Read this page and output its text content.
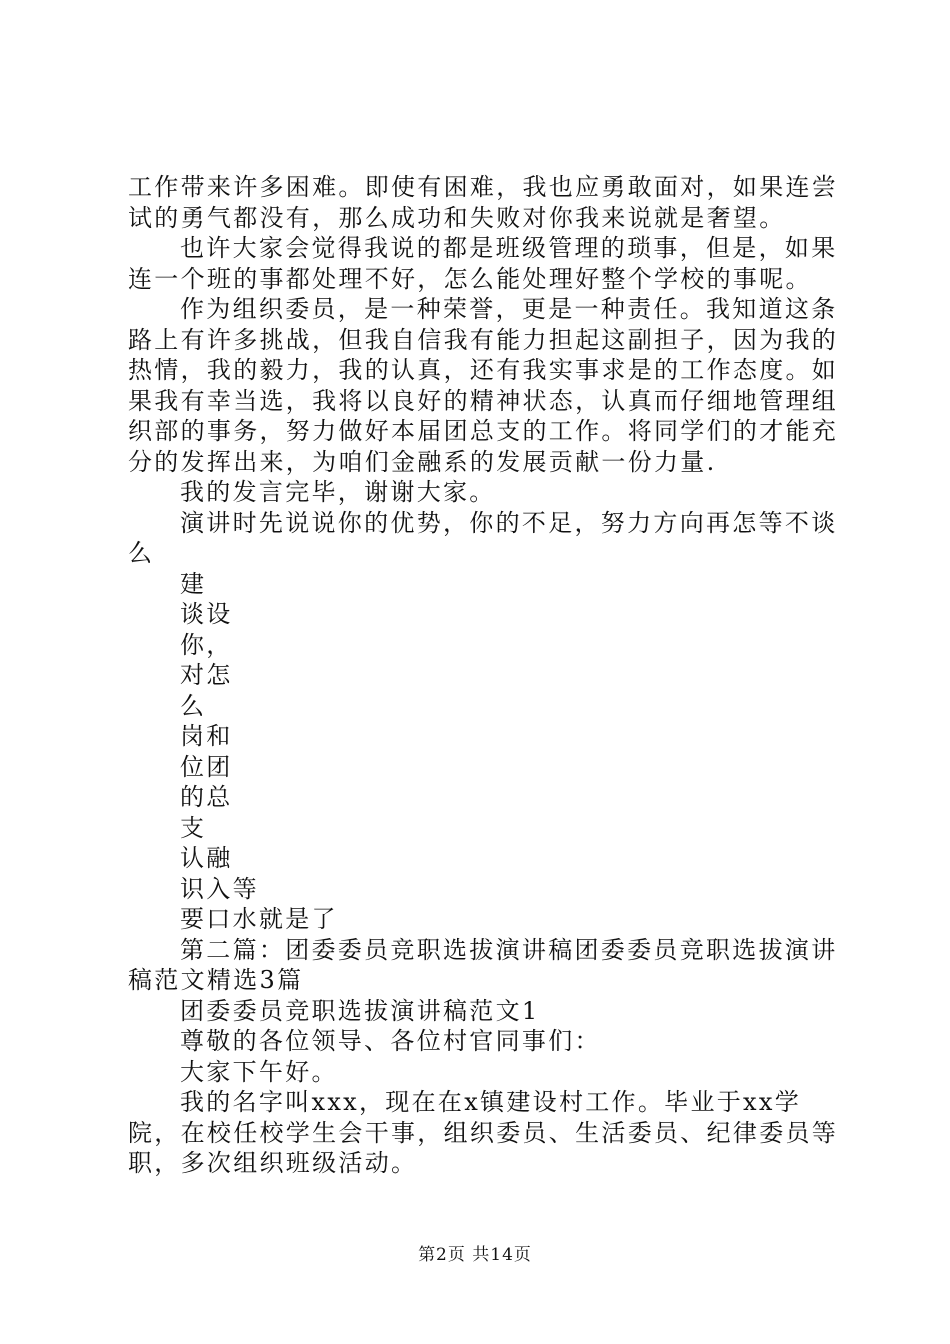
工作带来许多困难。即使有困难，我也应勇敢面对，如果连尝试的勇气都没有，那么成功和失败对你我来说就是奢望。

也许大家会觉得我说的都是班级管理的琐事，但是，如果连一个班的事都处理不好，怎么能处理好整个学校的事呢。

作为组织委员，是一种荣誉，更是一种责任。我知道这条路上有许多挑战，但我自信我有能力担起这副担子，因为我的热情，我的毅力，我的认真，还有我实事求是的工作态度。如果我有幸当选，我将以良好的精神状态，认真而仔细地管理组织部的事务，努力做好本届团总支的工作。将同学们的才能充分的发挥出来，为咱们金融系的发展贡献一份力量.

我的发言完毕，谢谢大家。

演讲时先说说你的优势，你的不足，努力方向再怎等不谈么

建

谈设

你，

对怎

么

岗和

位团

的总

支

认融

识入等

要口水就是了

第二篇：团委委员竞职选拔演讲稿团委委员竞职选拔演讲稿范文精选3篇

团委委员竞职选拔演讲稿范文1

尊敬的各位领导、各位村官同事们：

大家下午好。

我的名字叫xxx，现在在x镇建设村工作。毕业于xx学院，在校任校学生会干事，组织委员、生活委员、纪律委员等职，多次组织班级活动。

第2页 共14页
